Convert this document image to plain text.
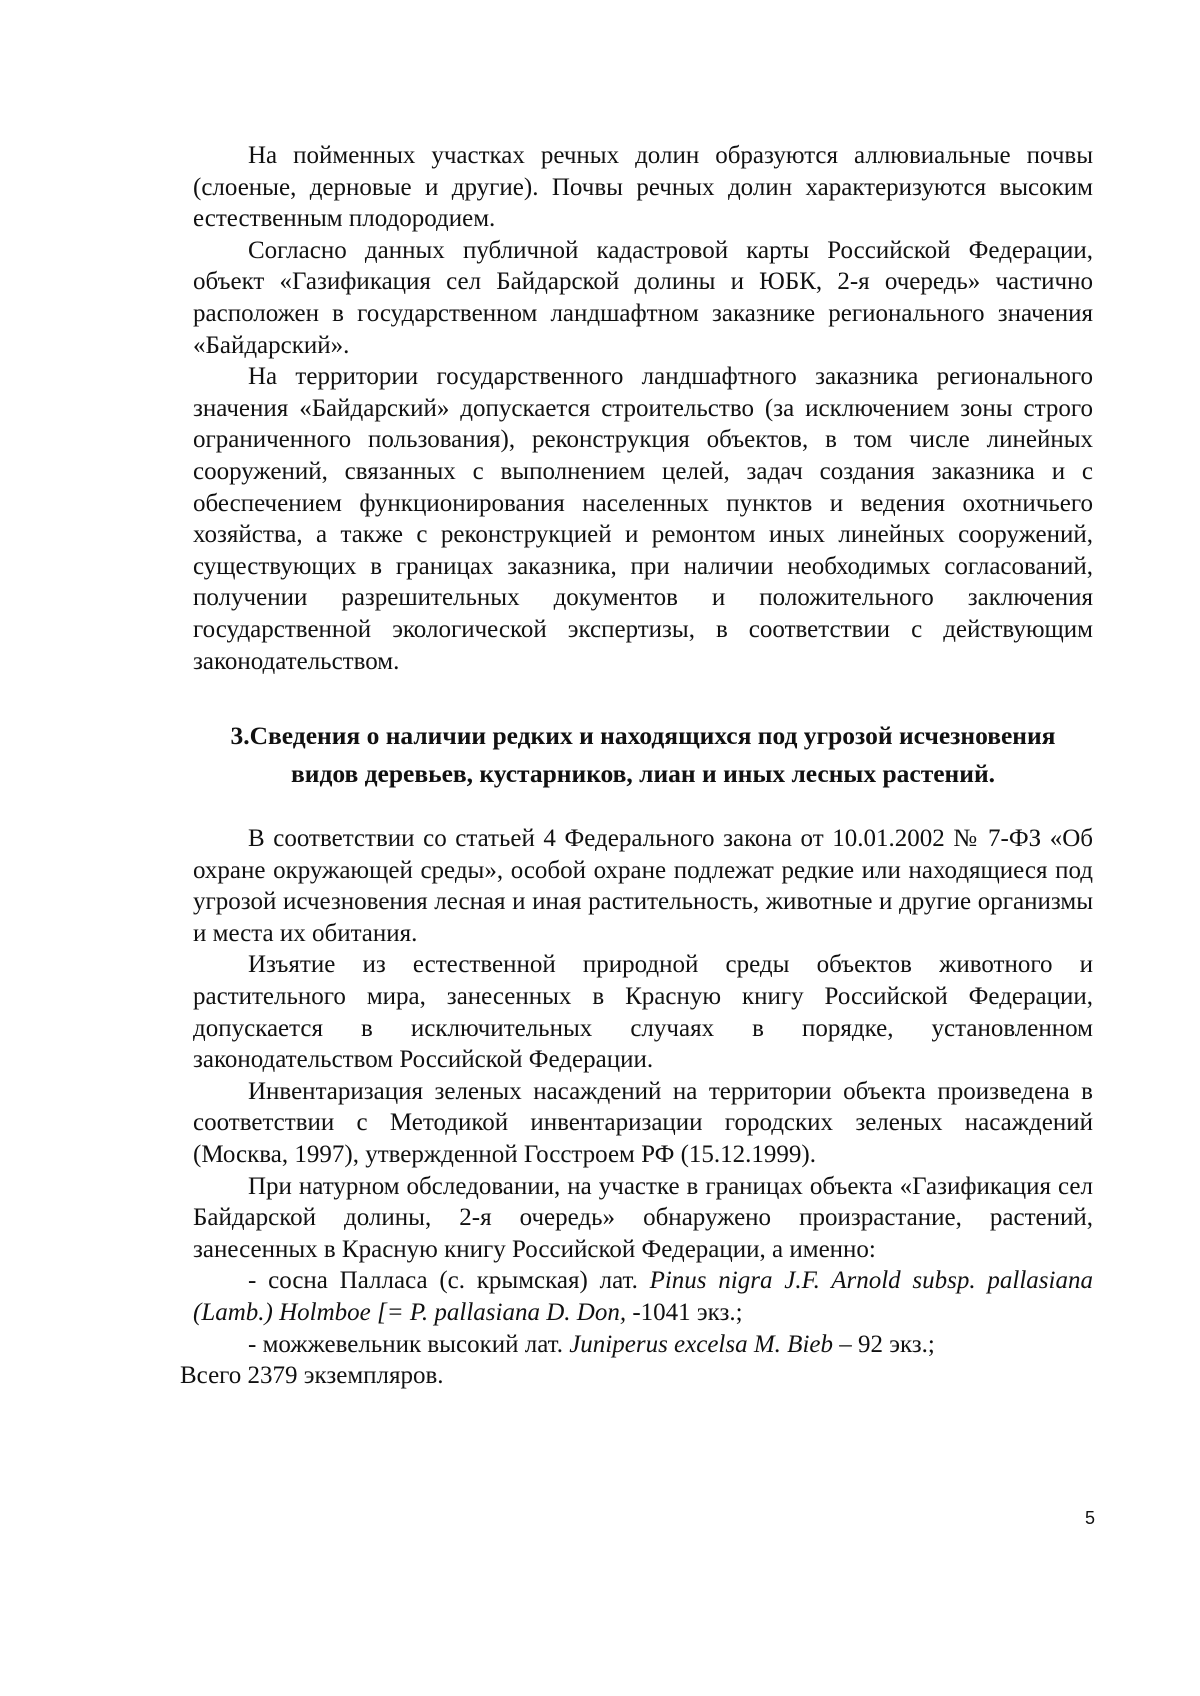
На пойменных участках речных долин образуются аллювиальные почвы (слоеные, дерновые и другие). Почвы речных долин характеризуются высоким естественным плодородием.

Согласно данных публичной кадастровой карты Российской Федерации, объект «Газификация сел Байдарской долины и ЮБК, 2-я очередь» частично расположен в государственном ландшафтном заказнике регионального значения «Байдарский».

На территории государственного ландшафтного заказника регионального значения «Байдарский» допускается строительство (за исключением зоны строго ограниченного пользования), реконструкция объектов, в том числе линейных сооружений, связанных с выполнением целей, задач создания заказника и с обеспечением функционирования населенных пунктов и ведения охотничьего хозяйства, а также с реконструкцией и ремонтом иных линейных сооружений, существующих в границах заказника, при наличии необходимых согласований, получении разрешительных документов и положительного заключения государственной экологической экспертизы, в соответствии с действующим законодательством.

3.Сведения о наличии редких и находящихся под угрозой исчезновения
видов деревьев, кустарников, лиан и иных лесных растений.

В соответствии со статьей 4 Федерального закона от 10.01.2002 № 7-ФЗ «Об охране окружающей среды», особой охране подлежат редкие или находящиеся под угрозой исчезновения лесная и иная растительность, животные и другие организмы и места их обитания.

Изъятие из естественной природной среды объектов животного и растительного мира, занесенных в Красную книгу Российской Федерации, допускается в исключительных случаях в порядке, установленном законодательством Российской Федерации.

Инвентаризация зеленых насаждений на территории объекта произведена в соответствии с Методикой инвентаризации городских зеленых насаждений (Москва, 1997), утвержденной Госстроем РФ (15.12.1999).

При натурном обследовании, на участке в границах объекта «Газификация сел Байдарской долины, 2-я очередь» обнаружено произрастание, растений, занесенных в Красную книгу Российской Федерации, а именно:

- сосна Палласа (с. крымская) лат. Pinus nigra J.F. Arnold subsp. pallasiana (Lamb.) Holmboe [= P. pallasiana D. Don, -1041 экз.;

- можжевельник высокий лат. Juniperus excelsa M. Bieb – 92 экз.;

Всего 2379 экземпляров.

5
